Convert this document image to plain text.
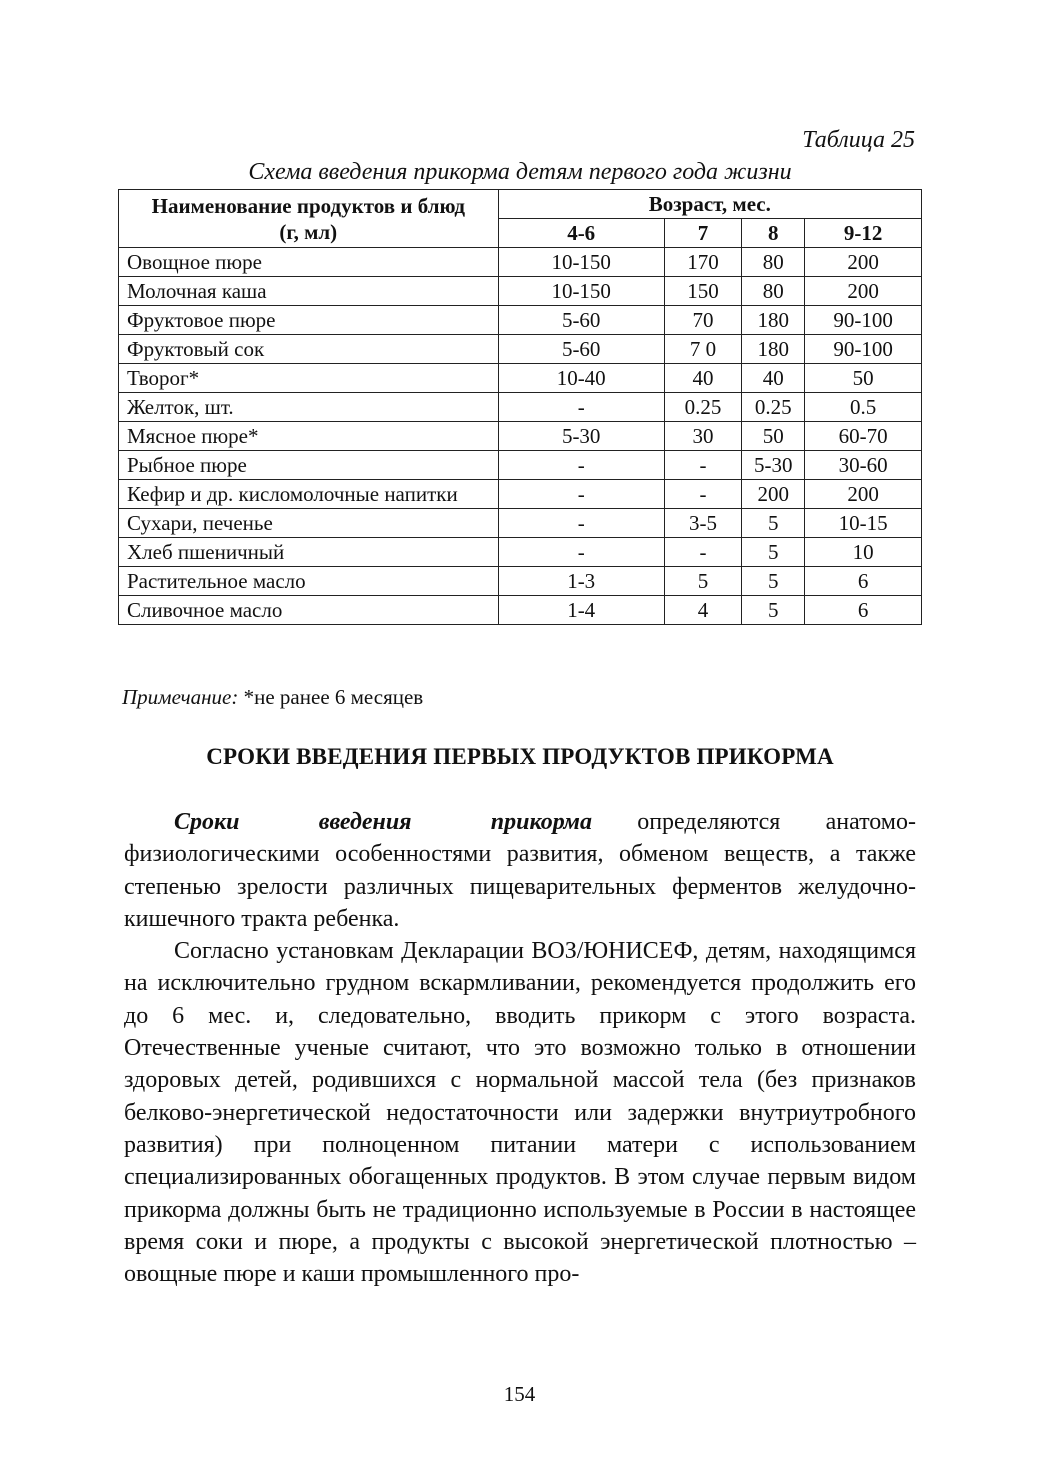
Таблица 25
Схема введения прикорма детям первого года жизни
Наименование продуктов и блюд
(г, мл)	Возраст, мес.			
	4-6	7	8	9-12
Овощное пюре	10-150	170	80	200
Молочная каша	10-150	150	80	200
Фруктовое пюре	5-60	70	180	90-100
Фруктовый сок	5-60	7 0	180	90-100
Творог*	10-40	40	40	50
Желток, шт.	-	0.25	0.25	0.5
Мясное пюре*	5-30	30	50	60-70
Рыбное пюре	-	-	5-30	30-60
Кефир и др. кисломолочные напитки	-	-	200	200
Сухари, печенье	-	3-5	5	10-15
Хлеб пшеничный	-	-	5	10
Растительное масло	1-3	5	5	6
Сливочное масло	1-4	4	5	6
Примечание: *не ранее 6 месяцев
СРОКИ ВВЕДЕНИЯ ПЕРВЫХ ПРОДУКТОВ ПРИКОРМА

Сроки введения прикорма определяются анатомо-физиологическими особенностями развития, обменом веществ, а также степенью зрелости различных пищеварительных ферментов желудочно-кишечного тракта ребенка.

Согласно установкам Декларации ВОЗ/ЮНИСЕФ, детям, находящимся на исключительно грудном вскармливании, рекомендуется продолжить его до 6 мес. и, следовательно, вводить прикорм с этого возраста. Отечественные ученые считают, что это возможно только в отношении здоровых детей, родившихся с нормальной массой тела (без признаков белково-энергетической недостаточности или задержки внутриутробного развития) при полноценном питании матери с использованием специализированных обогащенных продуктов. В этом случае первым видом прикорма должны быть не традиционно используемые в России в настоящее время соки и пюре, а продукты с высокой энергетической плотностью – овощные пюре и каши промышленного про-

154
